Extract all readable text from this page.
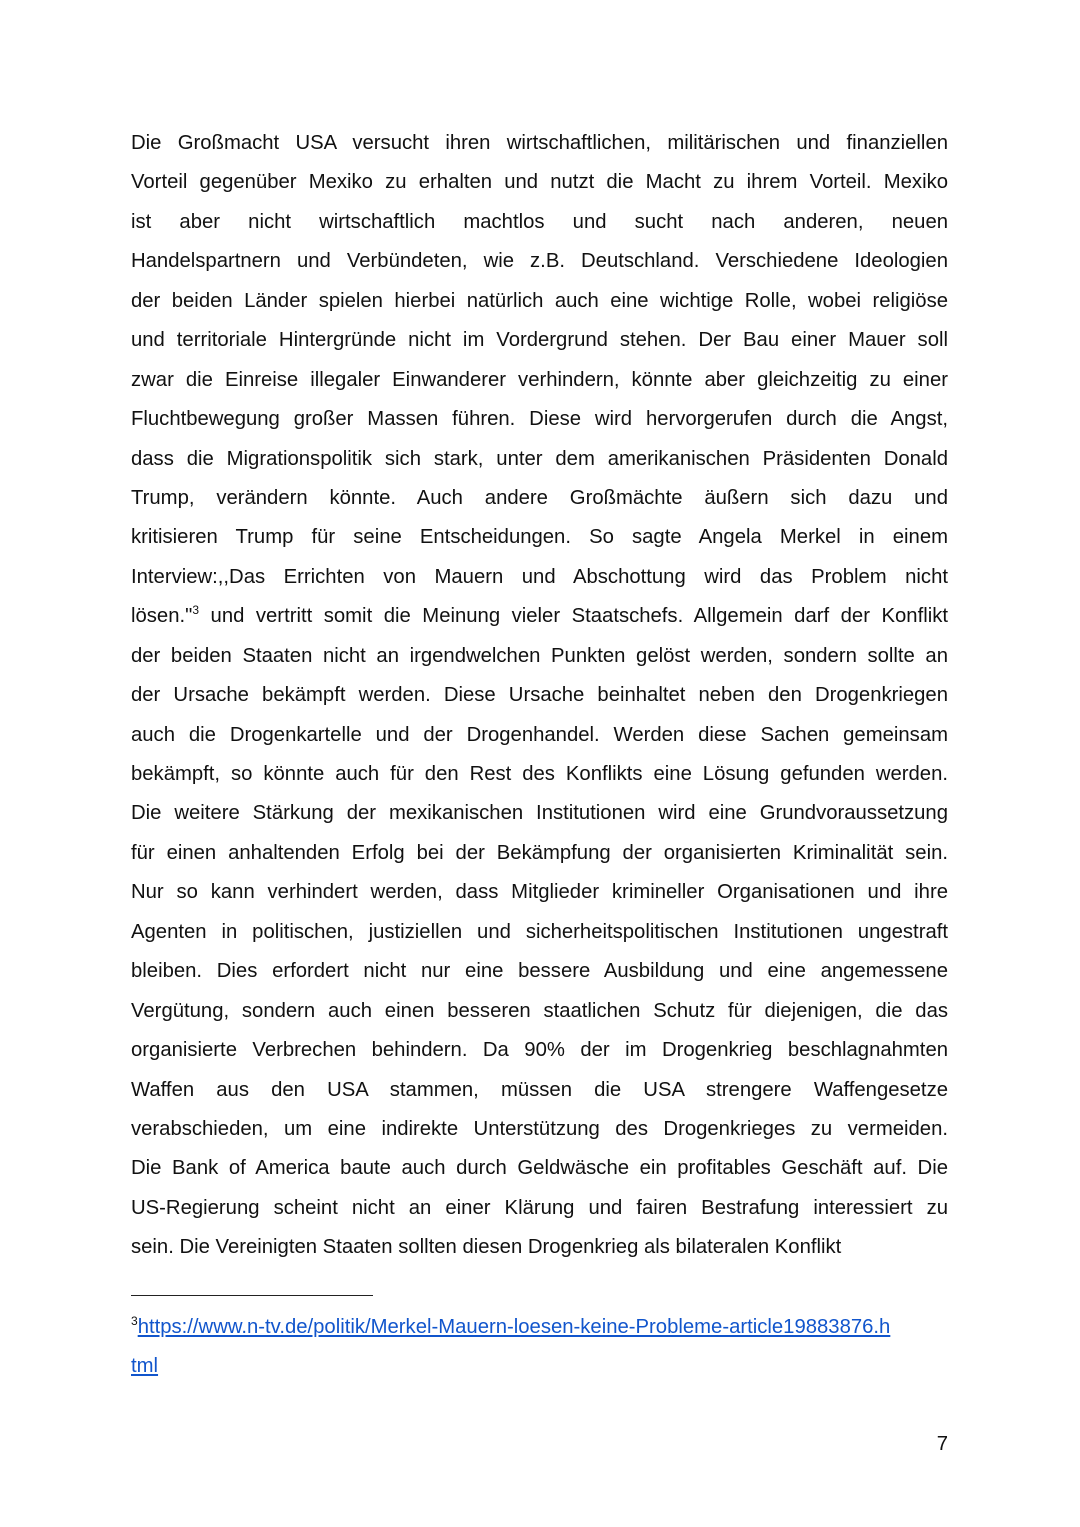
Die Großmacht USA versucht ihren wirtschaftlichen, militärischen und finanziellen
Vorteil gegenüber Mexiko zu erhalten und nutzt die Macht zu ihrem Vorteil. Mexiko
ist aber nicht wirtschaftlich machtlos und sucht nach anderen, neuen
Handelspartnern und Verbündeten, wie z.B. Deutschland. Verschiedene Ideologien
der beiden Länder spielen hierbei natürlich auch eine wichtige Rolle, wobei religiöse
und territoriale Hintergründe nicht im Vordergrund stehen. Der Bau einer Mauer soll
zwar die Einreise illegaler Einwanderer verhindern, könnte aber gleichzeitig zu einer
Fluchtbewegung großer Massen führen. Diese wird hervorgerufen durch die Angst,
dass die Migrationspolitik sich stark, unter dem amerikanischen Präsidenten Donald
Trump, verändern könnte. Auch andere Großmächte äußern sich dazu und
kritisieren Trump für seine Entscheidungen. So sagte Angela Merkel in einem
Interview:,,Das Errichten von Mauern und Abschottung wird das Problem nicht
lösen."$^3$ und vertritt somit die Meinung vieler Staatschefs. Allgemein darf der Konflikt
der beiden Staaten nicht an irgendwelchen Punkten gelöst werden, sondern sollte an
der Ursache bekämpft werden. Diese Ursache beinhaltet neben den Drogenkriegen
auch die Drogenkartelle und der Drogenhandel. Werden diese Sachen gemeinsam
bekämpft, so könnte auch für den Rest des Konflikts eine Lösung gefunden werden.
Die weitere Stärkung der mexikanischen Institutionen wird eine Grundvoraussetzung
für einen anhaltenden Erfolg bei der Bekämpfung der organisierten Kriminalität sein.
Nur so kann verhindert werden, dass Mitglieder krimineller Organisationen und ihre
Agenten in politischen, justiziellen und sicherheitspolitischen Institutionen ungestraft
bleiben. Dies erfordert nicht nur eine bessere Ausbildung und eine angemessene
Vergütung, sondern auch einen besseren staatlichen Schutz für diejenigen, die das
organisierte Verbrechen behindern. Da 90% der im Drogenkrieg beschlagnahmten
Waffen aus den USA stammen, müssen die USA strengere Waffengesetze
verabschieden, um eine indirekte Unterstützung des Drogenkrieges zu vermeiden.
Die Bank of America baute auch durch Geldwäsche ein profitables Geschäft auf. Die
US-Regierung scheint nicht an einer Klärung und fairen Bestrafung interessiert zu
sein. Die Vereinigten Staaten sollten diesen Drogenkrieg als bilateralen Konflikt
$^3$https://www.n-tv.de/politik/Merkel-Mauern-loesen-keine-Probleme-article19883876.h
tml
7
